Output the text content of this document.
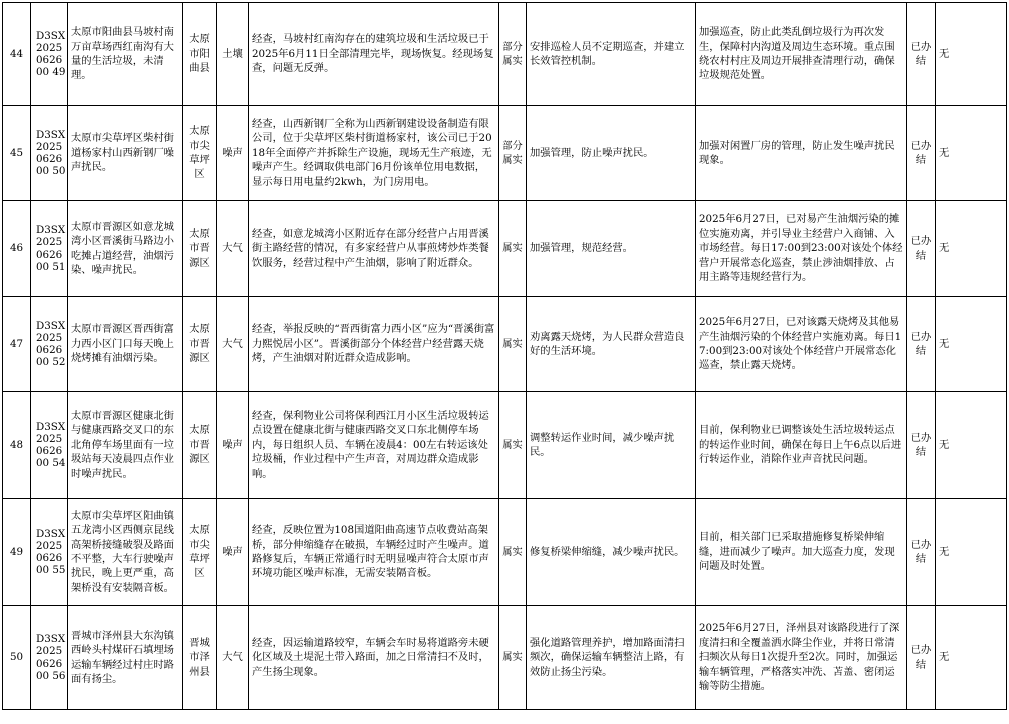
44	D3SX2025062600 49	太原市阳曲县马坡村南万亩草场西红南沟有大量的生活垃圾，未清理。	太原市阳曲县	土壤	经查，马坡村红南沟存在的建筑垃圾和生活垃圾已于2025年6月11日全部清理完毕，现场恢复。经现场复查，问题无反弹。	部分属实	安排巡检人员不定期巡查，并建立长效管控机制。	加强巡查，防止此类乱倒垃圾行为再次发生，保障村内沟道及周边生态环境。重点围绕农村村庄及周边开展排查清理行动，确保垃圾规范处置。	已办结	无
45	D3SX2025062600 50	太原市尖草坪区柴村街道杨家村山西新钢厂噪声扰民。	太原市尖草坪区	噪声	经查，山西新钢厂全称为山西新钢建设设备制造有限公司，位于尖草坪区柴村街道杨家村，该公司已于2018年全面停产并拆除生产设施，现场无生产痕迹，无噪声产生。经调取供电部门6月份该单位用电数据，显示每日用电量约2kwh，为门房用电。	部分属实	加强管理，防止噪声扰民。	加强对闲置厂房的管理，防止发生噪声扰民现象。	已办结	无
46	D3SX2025062600 51	太原市晋源区如意龙城湾小区晋溪街马路边小吃摊占道经营，油烟污染、噪声扰民。	太原市晋源区	大气	经查，如意龙城湾小区附近存在部分经营户占用晋溪街主路经营的情况，有多家经营户从事煎烤炒炸类餐饮服务，经营过程中产生油烟，影响了附近群众。	属实	加强管理，规范经营。	2025年6月27日，已对易产生油烟污染的摊位实施劝离，并引导业主经营户入商铺、入市场经营。每日17:00到23:00对该处个体经营户开展常态化巡查，禁止涉油烟排放、占用主路等违规经营行为。	已办结	无
47	D3SX2025062600 52	太原市晋源区晋西街富力西小区门口每天晚上烧烤摊有油烟污染。	太原市晋源区	大气	经查，举报反映的“晋西街富力西小区”应为“晋溪街富力熙悦居小区”。晋溪街部分个体经营户经营露天烧烤，产生油烟对附近群众造成影响。	属实	劝离露天烧烤，为人民群众营造良好的生活环境。	2025年6月27日，已对该露天烧烤及其他易产生油烟污染的个体经营户实施劝离。每日17:00到23:00对该处个体经营户开展常态化巡查，禁止露天烧烤。	已办结	无
48	D3SX2025062600 54	太原市晋源区健康北街与健康西路交叉口的东北角停车场里面有一垃圾站每天凌晨四点作业时噪声扰民。	太原市晋源区	噪声	经查，保利物业公司将保利西江月小区生活垃圾转运点设置在健康北街与健康西路交叉口东北侧停车场内，每日组织人员、车辆在凌晨4：00左右转运该处垃圾桶，作业过程中产生声音，对周边群众造成影响。	属实	调整转运作业时间，减少噪声扰民。	目前，保利物业已调整该处生活垃圾转运点的转运作业时间，确保在每日上午6点以后进行转运作业，消除作业声音扰民问题。	已办结	无
49	D3SX2025062600 55	太原市尖草坪区阳曲镇五龙湾小区西侧京昆线高架桥接缝破裂及路面不平整，大车行驶噪声扰民，晚上更严重，高架桥没有安装隔音板。	太原市尖草坪区	噪声	经查，反映位置为108国道阳曲高速节点收费站高架桥，部分伸缩缝存在破损，车辆经过时产生噪声。道路修复后，车辆正常通行时无明显噪声符合太原市声环境功能区噪声标准，无需安装隔音板。	属实	修复桥梁伸缩缝，减少噪声扰民。	目前，相关部门已采取措施修复桥梁伸缩缝，进而减少了噪声。加大巡查力度，发现问题及时处置。	已办结	无
50	D3SX2025062600 56	晋城市泽州县大东沟镇西岭头村煤矸石填埋场运输车辆经过村庄时路面有扬尘。	晋城市泽州县	大气	经查，因运输道路较窄，车辆会车时易将道路旁未硬化区域及土堤泥土带入路面，加之日常清扫不及时，产生扬尘现象。	属实	强化道路管理养护，增加路面清扫频次，确保运输车辆整洁上路，有效防止扬尘污染。	2025年6月27日，泽州县对该路段进行了深度清扫和全覆盖洒水降尘作业，并将日常清扫频次从每日1次提升至2次。同时，加强运输车辆管理，严格落实冲洗、苫盖、密闭运输等防尘措施。	已办结	无
